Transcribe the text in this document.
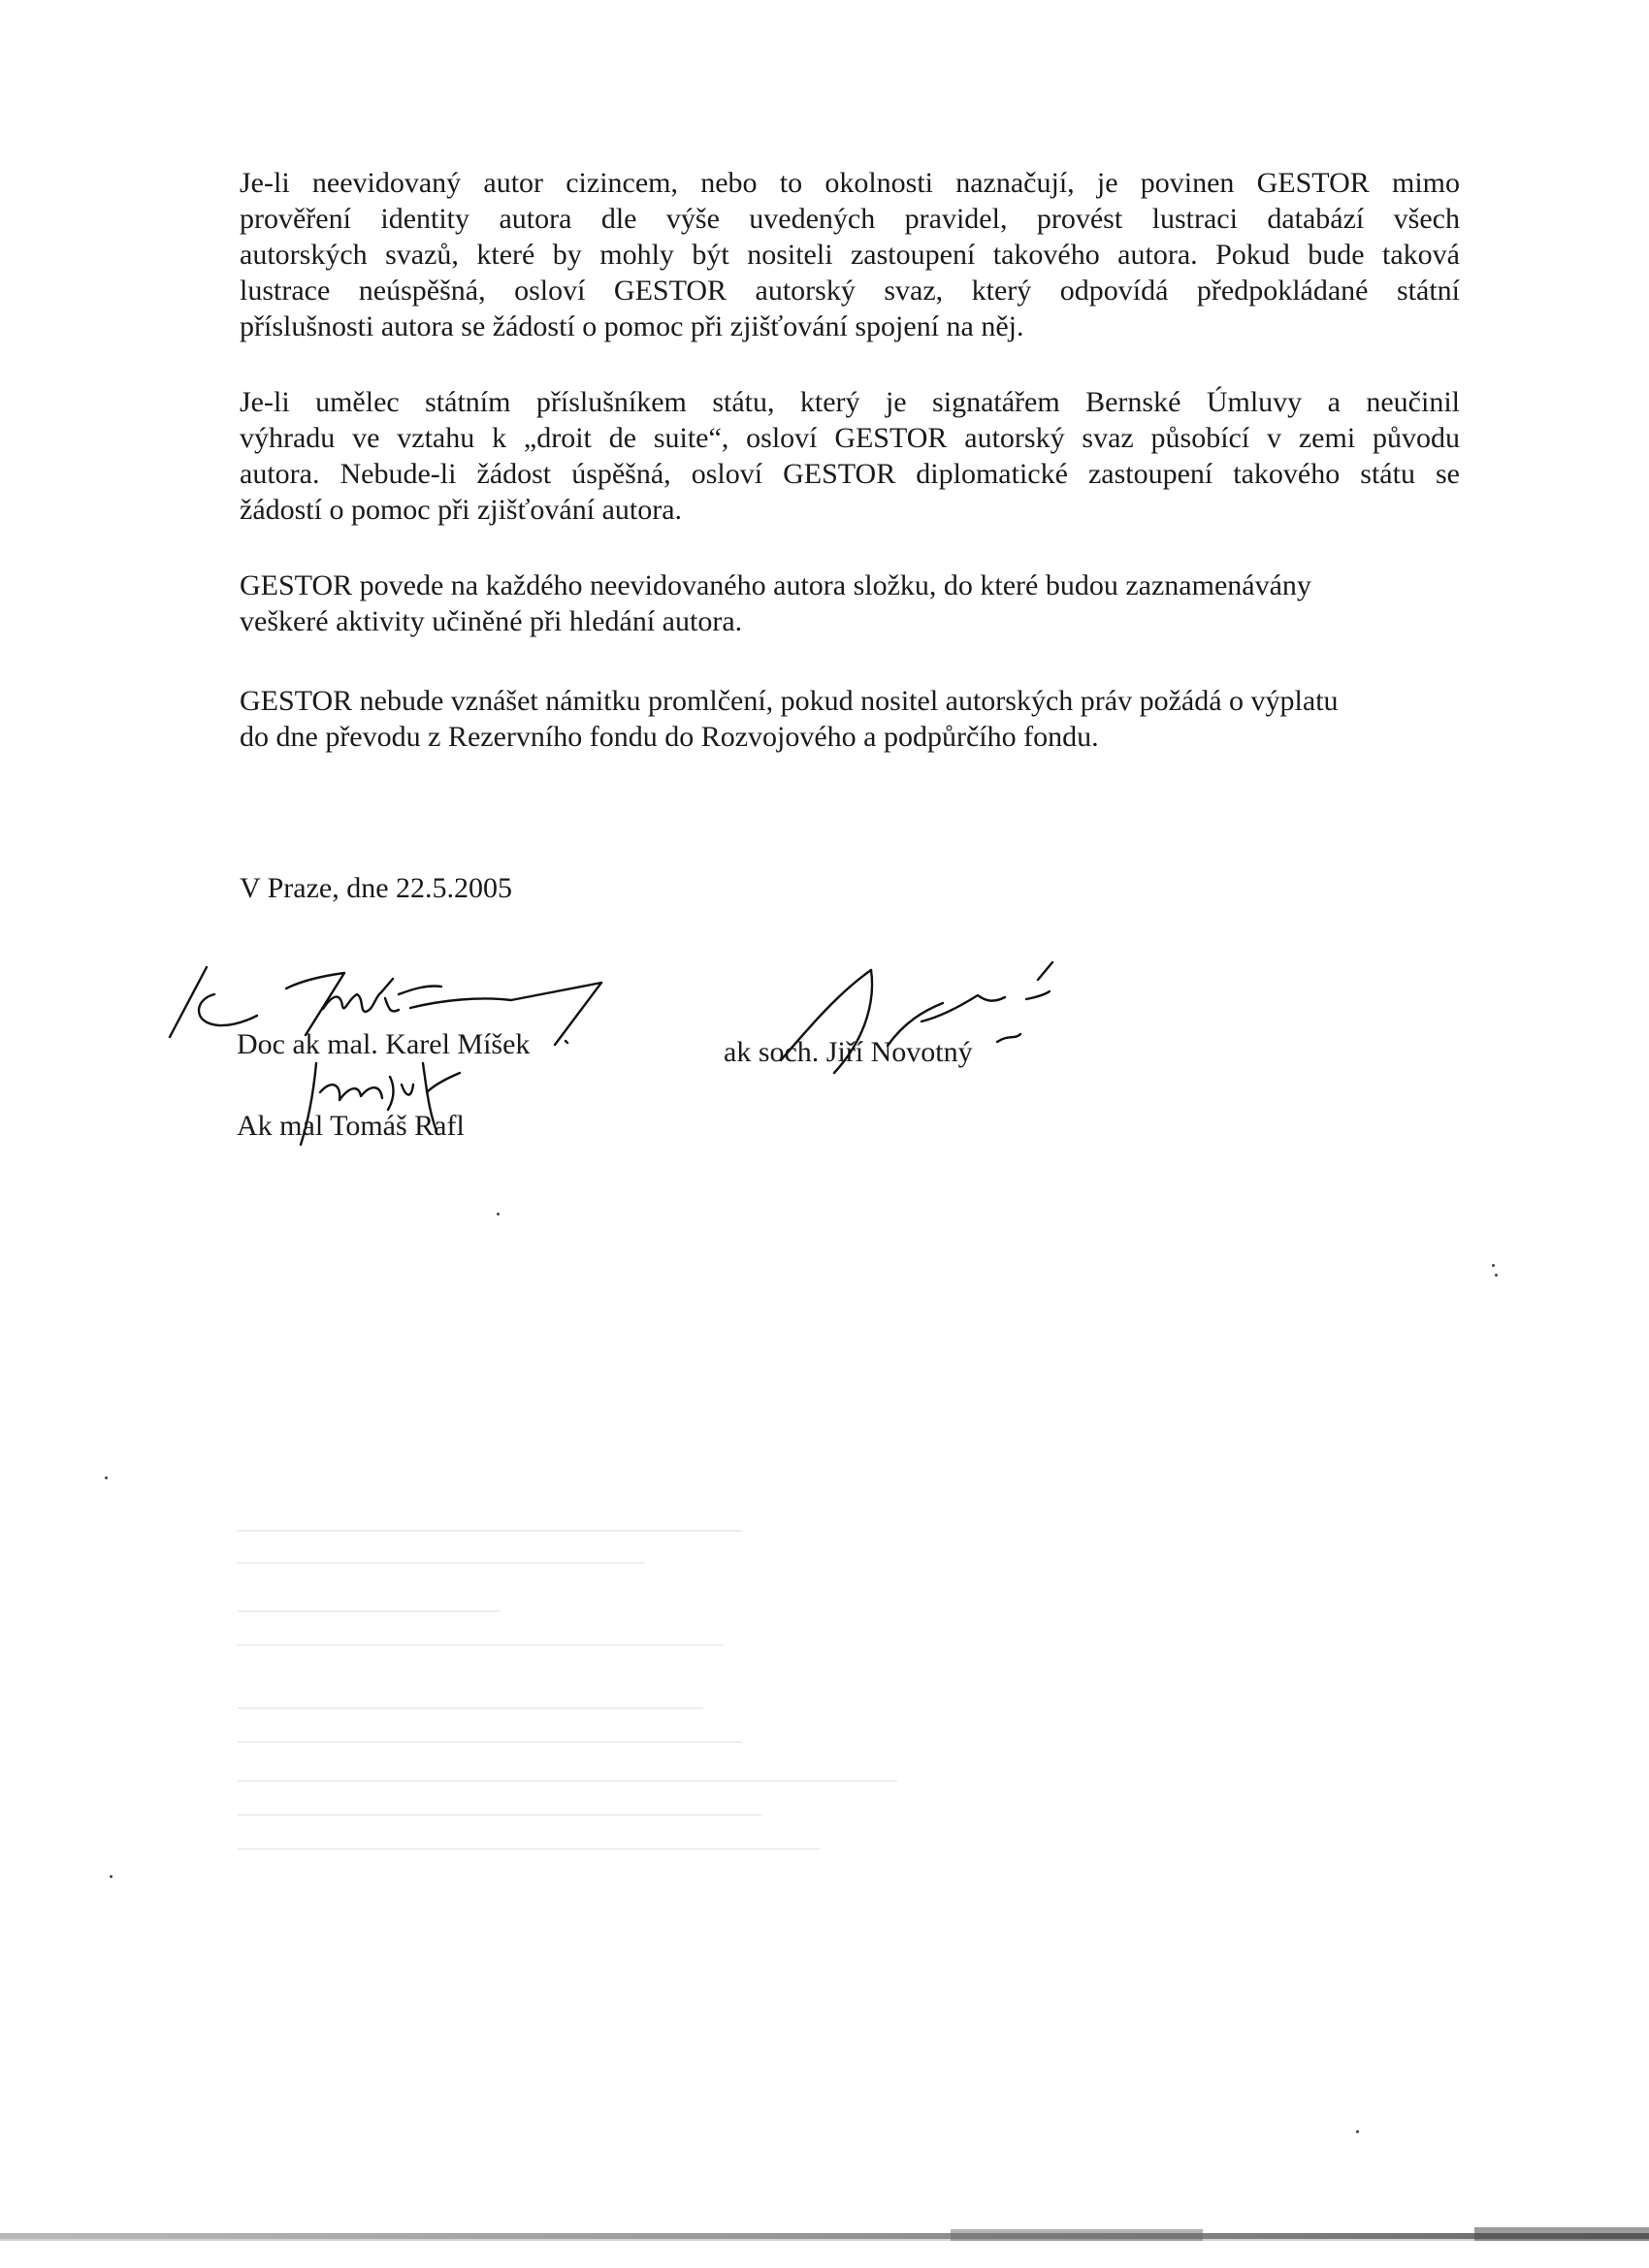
Je-li neevidovaný autor cizincem, nebo to okolnosti naznačují, je povinen GESTOR mimo
prověření identity autora dle výše uvedených pravidel, provést lustraci databází všech
autorských svazů, které by mohly být nositeli zastoupení takového autora. Pokud bude taková
lustrace neúspěšná, osloví GESTOR autorský svaz, který odpovídá předpokládané státní
příslušnosti autora se žádostí o pomoc při zjišťování spojení na něj.
Je-li umělec státním příslušníkem státu, který je signatářem Bernské Úmluvy a neučinil
výhradu ve vztahu k „droit de suite“, osloví GESTOR autorský svaz působící v zemi původu
autora. Nebude-li žádost úspěšná, osloví GESTOR diplomatické zastoupení takového státu se
žádostí o pomoc při zjišťování autora.
GESTOR povede na každého neevidovaného autora složku, do které budou zaznamenávány
veškeré aktivity učiněné při hledání autora.
GESTOR nebude vznášet námitku promlčení, pokud nositel autorských práv požádá o výplatu
do dne převodu z Rezervního fondu do Rozvojového a podpůrčího fondu.

V Praze, dne 22.5.2005

Doc ak mal. Karel Míšek	ak soch. Jiří Novotný
Ak mal Tomáš Rafl
